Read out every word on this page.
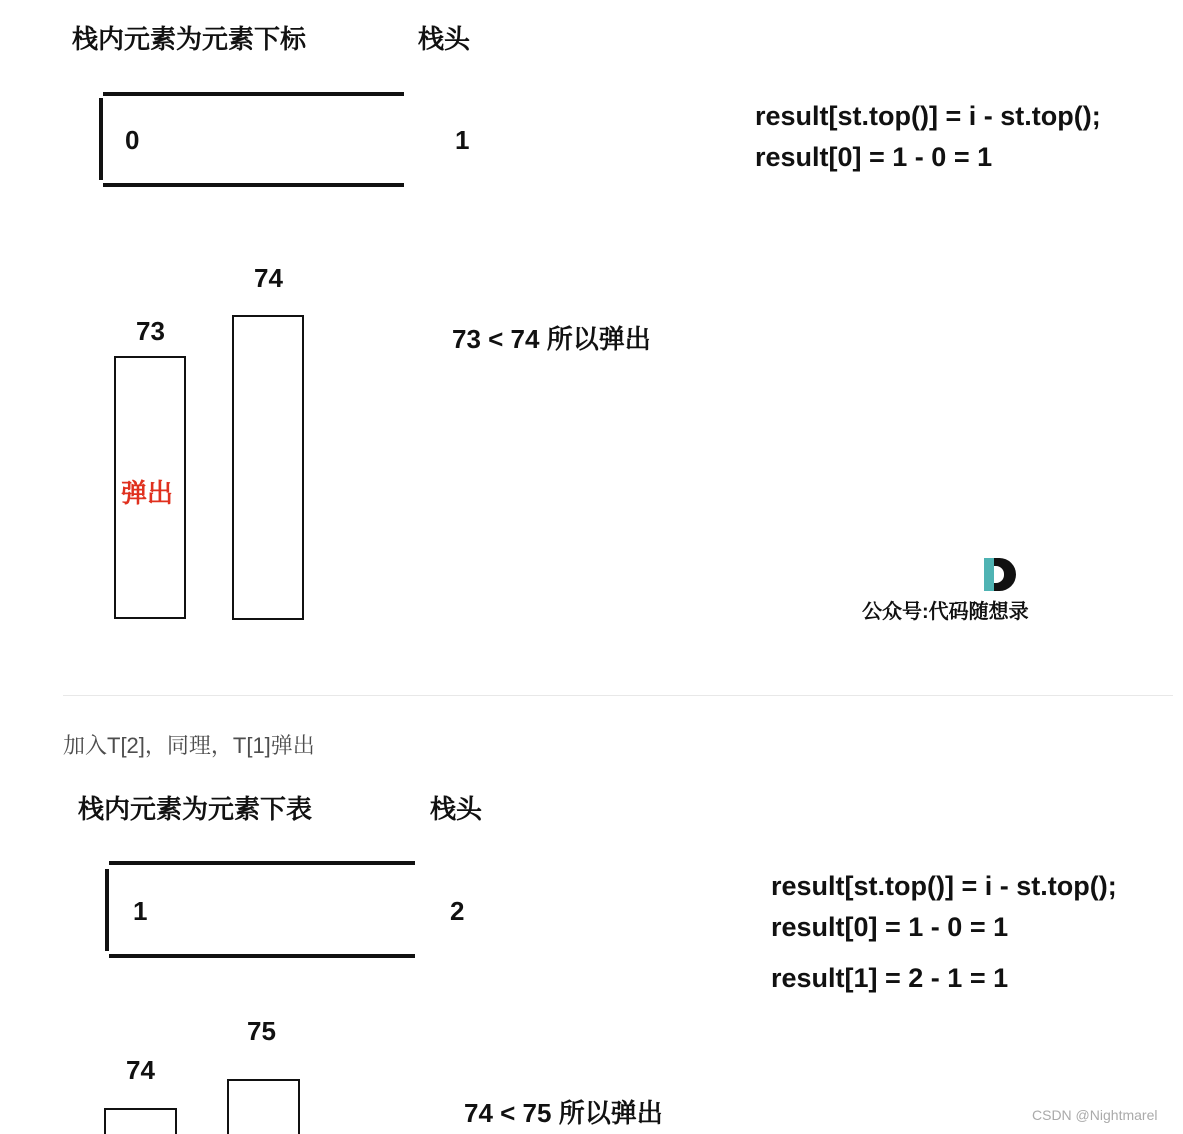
栈内元素为元素下标	栈头
0	1
result[st.top()] = i - st.top();
result[0] = 1 - 0 = 1
73
弹出
74
73 < 74 所以弹出
公众号:代码随想录
加入T[2]，同理，T[1]弹出
栈内元素为元素下表	栈头
1	2
result[st.top()] = i - st.top();
result[0] = 1 - 0 = 1
result[1] = 2 - 1 = 1
74
75
74 < 75 所以弹出	CSDN @Nightmarel
